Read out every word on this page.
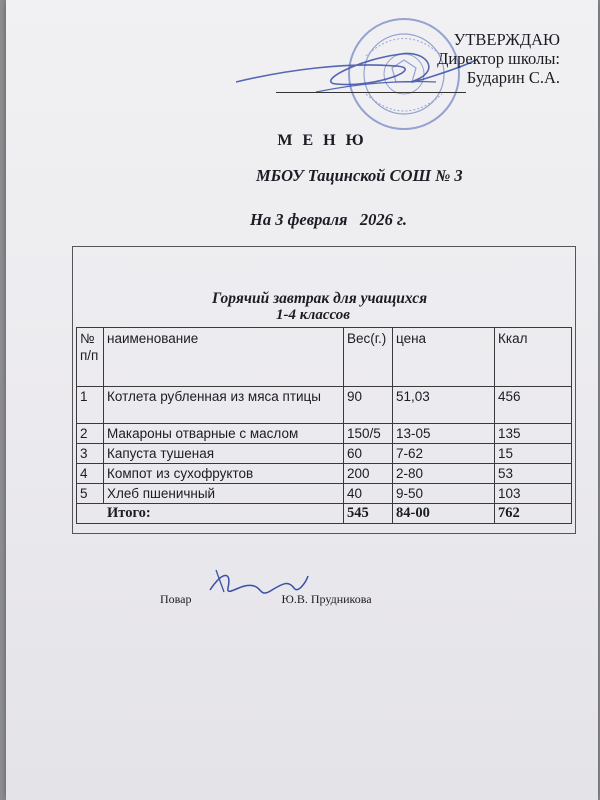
УТВЕРЖДАЮ
Директор школы:
Бударин С.А.
М Е Н Ю
МБОУ Тацинской СОШ № 3
На 3 февраля   2026 г.
Горячий завтрак для учащихся
1-4 классов
№ п/п	наименование	Вес(г.)	цена	Ккал
1	Котлета рубленная из мяса птицы	90	51,03	456
2	Макароны отварные с маслом	150/5	13-05	135
3	Капуста тушеная	60	7-62	15
4	Компот из сухофруктов	200	2-80	53
5	Хлеб пшеничный	40	9-50	103
Итого:		545	84-00	762
Повар	Ю.В. Прудникова
